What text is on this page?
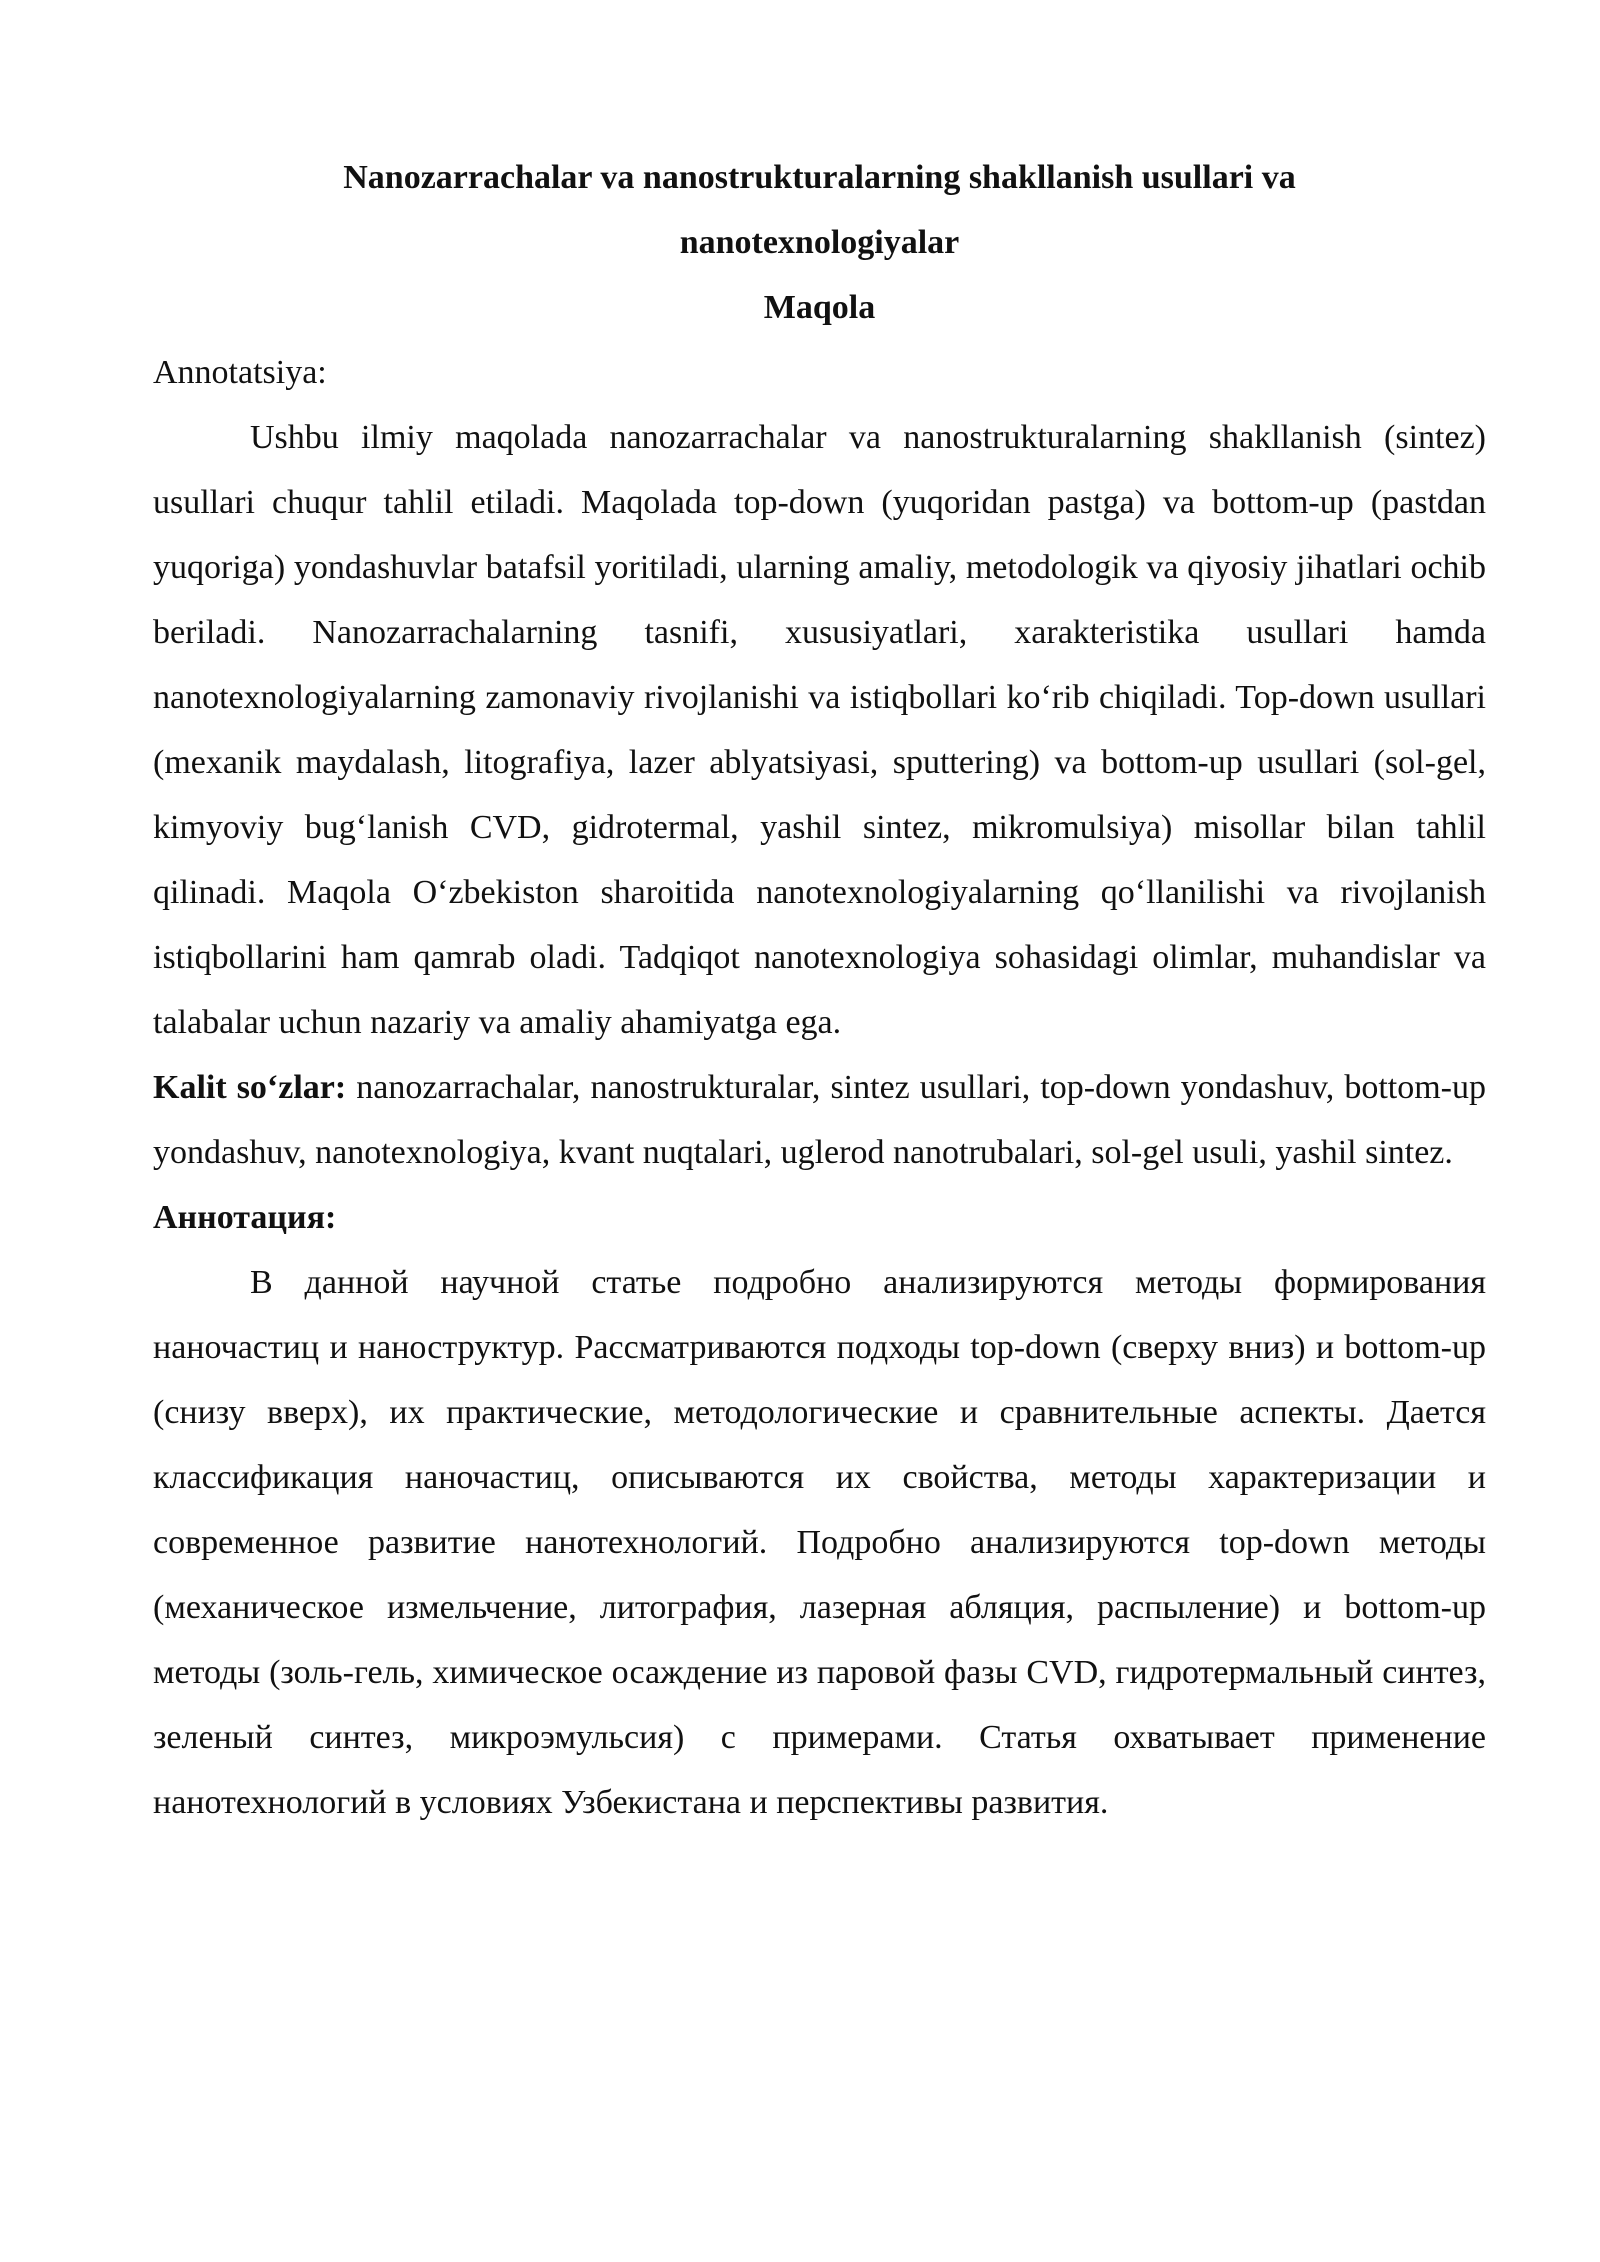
Nanozarrachalar va nanostrukturalarning shakllanish usullari va nanotexnologiyalar

Maqola

Annotatsiya:

Ushbu ilmiy maqolada nanozarrachalar va nanostrukturalarning shakllanish (sintez) usullari chuqur tahlil etiladi. Maqolada top-down (yuqoridan pastga) va bottom-up (pastdan yuqoriga) yondashuvlar batafsil yoritiladi, ularning amaliy, metodologik va qiyosiy jihatlari ochib beriladi. Nanozarrachalarning tasnifi, xususiyatlari, xarakteristika usullari hamda nanotexnologiyalarning zamonaviy rivojlanishi va istiqbollari ko‘rib chiqiladi. Top-down usullari (mexanik maydalash, litografiya, lazer ablyatsiyasi, sputtering) va bottom-up usullari (sol-gel, kimyoviy bug‘lanish CVD, gidrotermal, yashil sintez, mikromulsiya) misollar bilan tahlil qilinadi. Maqola O‘zbekiston sharoitida nanotexnologiyalarning qo‘llanilishi va rivojlanish istiqbollarini ham qamrab oladi. Tadqiqot nanotexnologiya sohasidagi olimlar, muhandislar va talabalar uchun nazariy va amaliy ahamiyatga ega.

Kalit so‘zlar: nanozarrachalar, nanostrukturalar, sintez usullari, top-down yondashuv, bottom-up yondashuv, nanotexnologiya, kvant nuqtalari, uglerod nanotrubalari, sol-gel usuli, yashil sintez.

Аннотация:

В данной научной статье подробно анализируются методы формирования наночастиц и наноструктур. Рассматриваются подходы top-down (сверху вниз) и bottom-up (снизу вверх), их практические, методологические и сравнительные аспекты. Дается классификация наночастиц, описываются их свойства, методы характеризации и современное развитие нанотехнологий. Подробно анализируются top-down методы (механическое измельчение, литография, лазерная абляция, распыление) и bottom-up методы (золь-гель, химическое осаждение из паровой фазы CVD, гидротермальный синтез, зеленый синтез, микроэмульсия) с примерами. Статья охватывает применение нанотехнологий в условиях Узбекистана и перспективы развития.
